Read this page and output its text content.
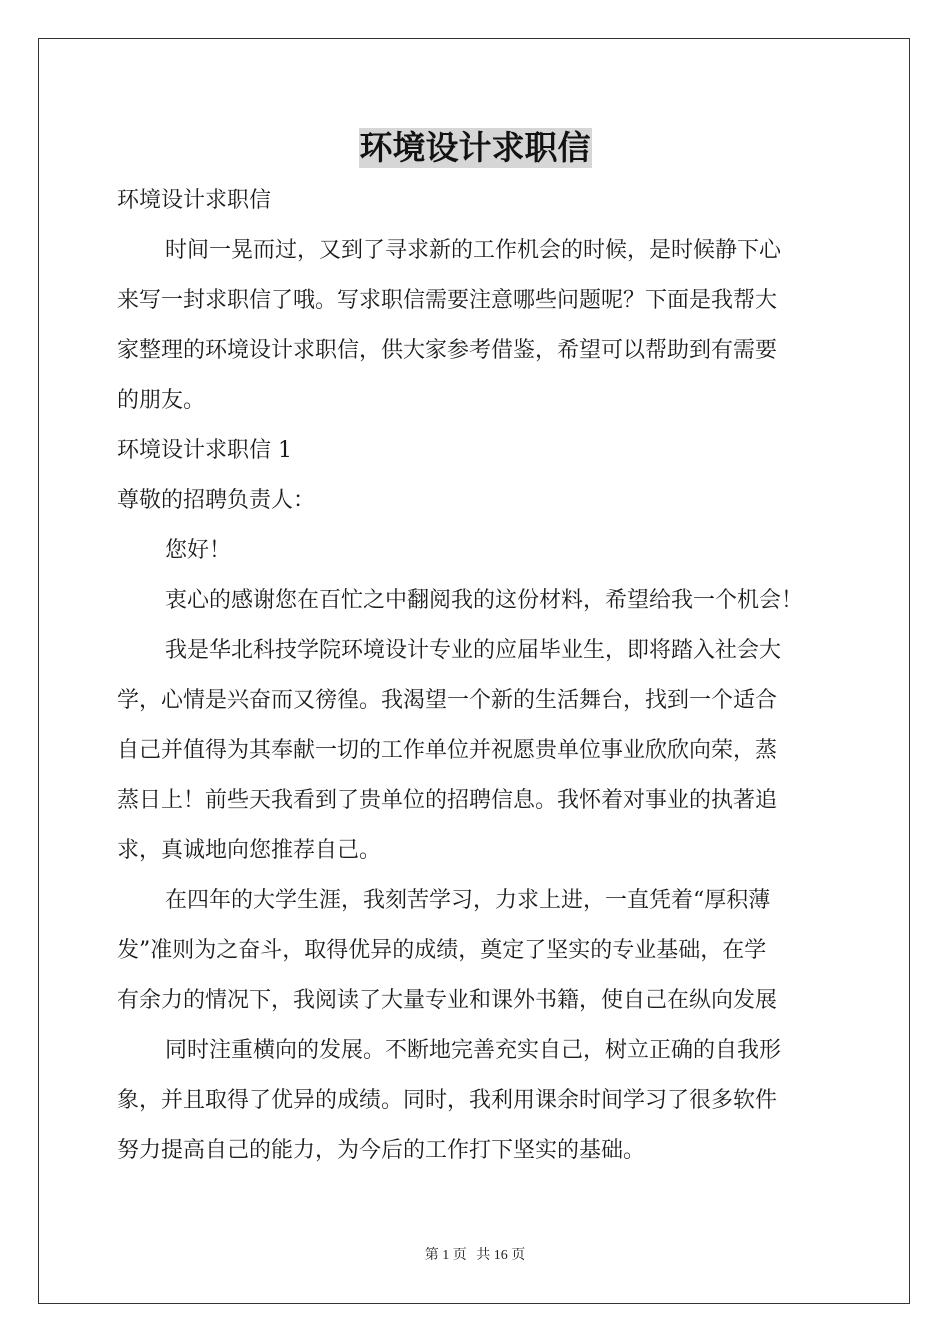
环境设计求职信

环境设计求职信

时间一晃而过，又到了寻求新的工作机会的时候，是时候静下心

来写一封求职信了哦。写求职信需要注意哪些问题呢？下面是我帮大

家整理的环境设计求职信，供大家参考借鉴，希望可以帮助到有需要

的朋友。

环境设计求职信 1

尊敬的招聘负责人：

您好！

衷心的感谢您在百忙之中翻阅我的这份材料，希望给我一个机会！

我是华北科技学院环境设计专业的应届毕业生，即将踏入社会大

学，心情是兴奋而又徬徨。我渴望一个新的生活舞台，找到一个适合

自己并值得为其奉献一切的工作单位并祝愿贵单位事业欣欣向荣，蒸

蒸日上！前些天我看到了贵单位的招聘信息。我怀着对事业的执著追

求，真诚地向您推荐自己。

在四年的大学生涯，我刻苦学习，力求上进，一直凭着“厚积薄

发”准则为之奋斗，取得优异的成绩，奠定了坚实的专业基础，在学

有余力的情况下，我阅读了大量专业和课外书籍，使自己在纵向发展

同时注重横向的发展。不断地完善充实自己，树立正确的自我形

象，并且取得了优异的成绩。同时，我利用课余时间学习了很多软件

努力提高自己的能力，为今后的工作打下坚实的基础。

第 1 页 共 16 页
